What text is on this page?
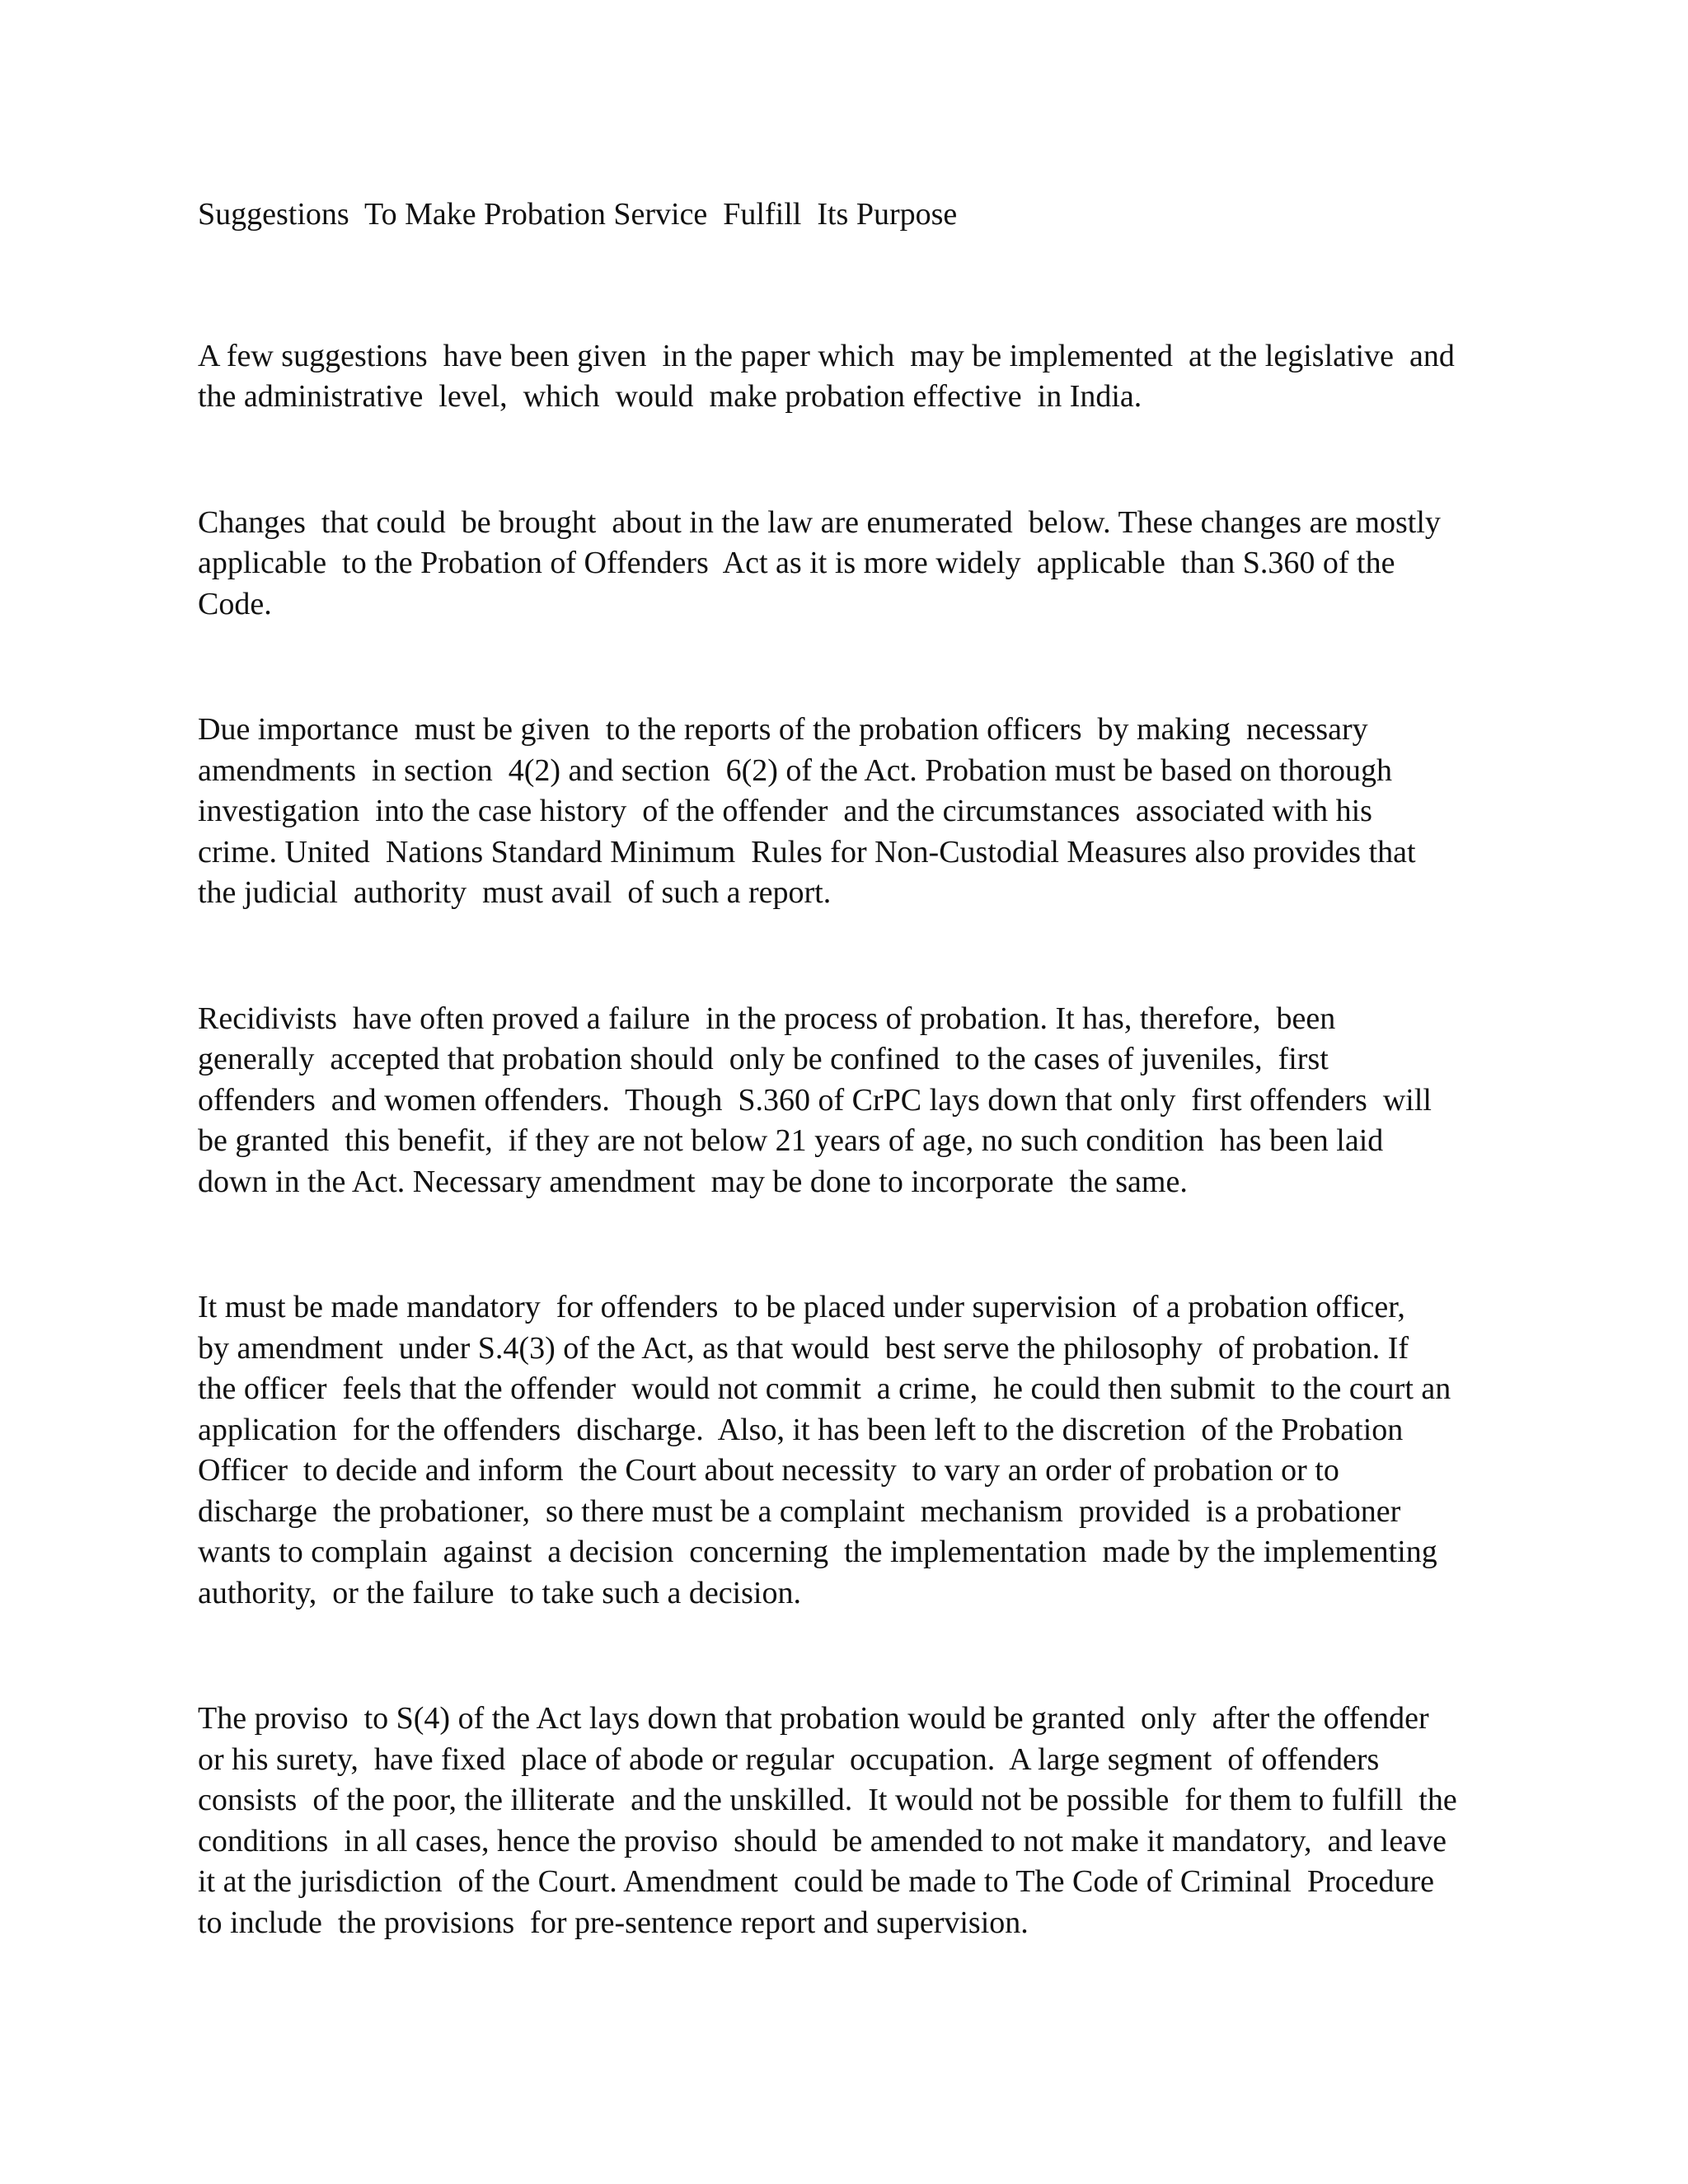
Suggestions  To Make Probation Service  Fulfill  Its Purpose
A few suggestions  have been given  in the paper which  may be implemented  at the legislative  and
the administrative  level,  which  would  make probation effective  in India.
Changes  that could  be brought  about in the law are enumerated  below. These changes are mostly
applicable  to the Probation of Offenders  Act as it is more widely  applicable  than S.360 of the
Code.
Due importance  must be given  to the reports of the probation officers  by making  necessary
amendments  in section  4(2) and section  6(2) of the Act. Probation must be based on thorough
investigation  into the case history  of the offender  and the circumstances  associated with his
crime. United  Nations Standard Minimum  Rules for Non-Custodial Measures also provides that
the judicial  authority  must avail  of such a report.
Recidivists  have often proved a failure  in the process of probation. It has, therefore,  been
generally  accepted that probation should  only be confined  to the cases of juveniles,  first
offenders  and women offenders.  Though  S.360 of CrPC lays down that only  first offenders  will
be granted  this benefit,  if they are not below 21 years of age, no such condition  has been laid
down in the Act. Necessary amendment  may be done to incorporate  the same.
It must be made mandatory  for offenders  to be placed under supervision  of a probation officer,
by amendment  under S.4(3) of the Act, as that would  best serve the philosophy  of probation. If
the officer  feels that the offender  would not commit  a crime,  he could then submit  to the court an
application  for the offenders  discharge.  Also, it has been left to the discretion  of the Probation
Officer  to decide and inform  the Court about necessity  to vary an order of probation or to
discharge  the probationer,  so there must be a complaint  mechanism  provided  is a probationer
wants to complain  against  a decision  concerning  the implementation  made by the implementing
authority,  or the failure  to take such a decision.
The proviso  to S(4) of the Act lays down that probation would be granted  only  after the offender
or his surety,  have fixed  place of abode or regular  occupation.  A large segment  of offenders
consists  of the poor, the illiterate  and the unskilled.  It would not be possible  for them to fulfill  the
conditions  in all cases, hence the proviso  should  be amended to not make it mandatory,  and leave
it at the jurisdiction  of the Court. Amendment  could be made to The Code of Criminal  Procedure
to include  the provisions  for pre-sentence report and supervision.
